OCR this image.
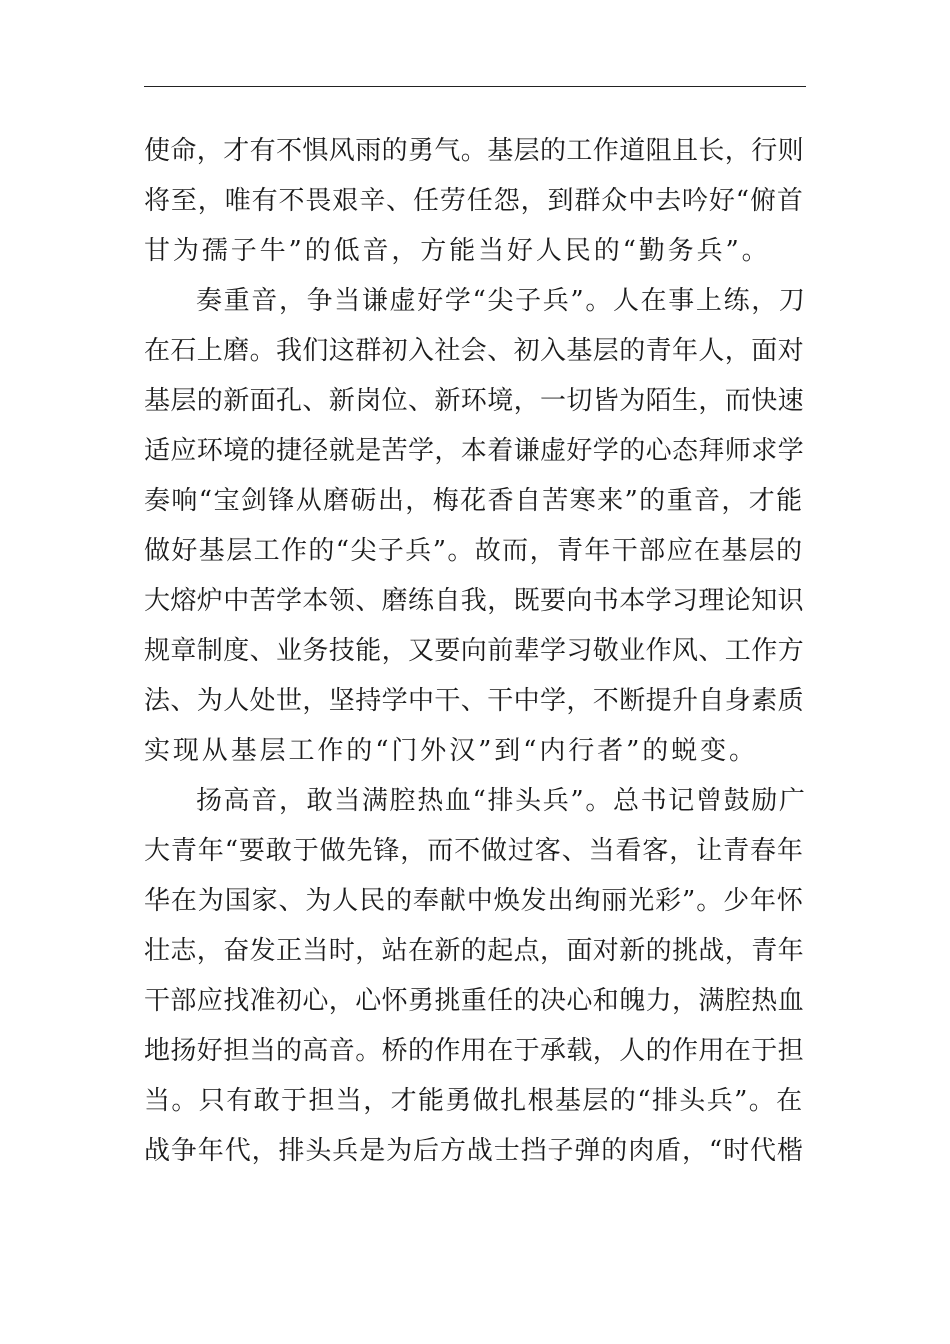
使命，才有不惧风雨的勇气。基层的工作道阻且长，行则
将至，唯有不畏艰辛、任劳任怨，到群众中去吟好“俯首
甘为孺子牛”的低音，方能当好人民的“勤务兵”。
奏重音，争当谦虚好学“尖子兵”。人在事上练，刀
在石上磨。我们这群初入社会、初入基层的青年人，面对
基层的新面孔、新岗位、新环境，一切皆为陌生，而快速
适应环境的捷径就是苦学，本着谦虚好学的心态拜师求学
奏响“宝剑锋从磨砺出，梅花香自苦寒来”的重音，才能
做好基层工作的“尖子兵”。故而，青年干部应在基层的
大熔炉中苦学本领、磨练自我，既要向书本学习理论知识
规章制度、业务技能，又要向前辈学习敬业作风、工作方
法、为人处世，坚持学中干、干中学，不断提升自身素质
实现从基层工作的“门外汉”到“内行者”的蜕变。
扬高音，敢当满腔热血“排头兵”。总书记曾鼓励广
大青年“要敢于做先锋，而不做过客、当看客，让青春年
华在为国家、为人民的奉献中焕发出绚丽光彩”。少年怀
壮志，奋发正当时，站在新的起点，面对新的挑战，青年
干部应找准初心，心怀勇挑重任的决心和魄力，满腔热血
地扬好担当的高音。桥的作用在于承载，人的作用在于担
当。只有敢于担当，才能勇做扎根基层的“排头兵”。在
战争年代，排头兵是为后方战士挡子弹的肉盾，“时代楷
